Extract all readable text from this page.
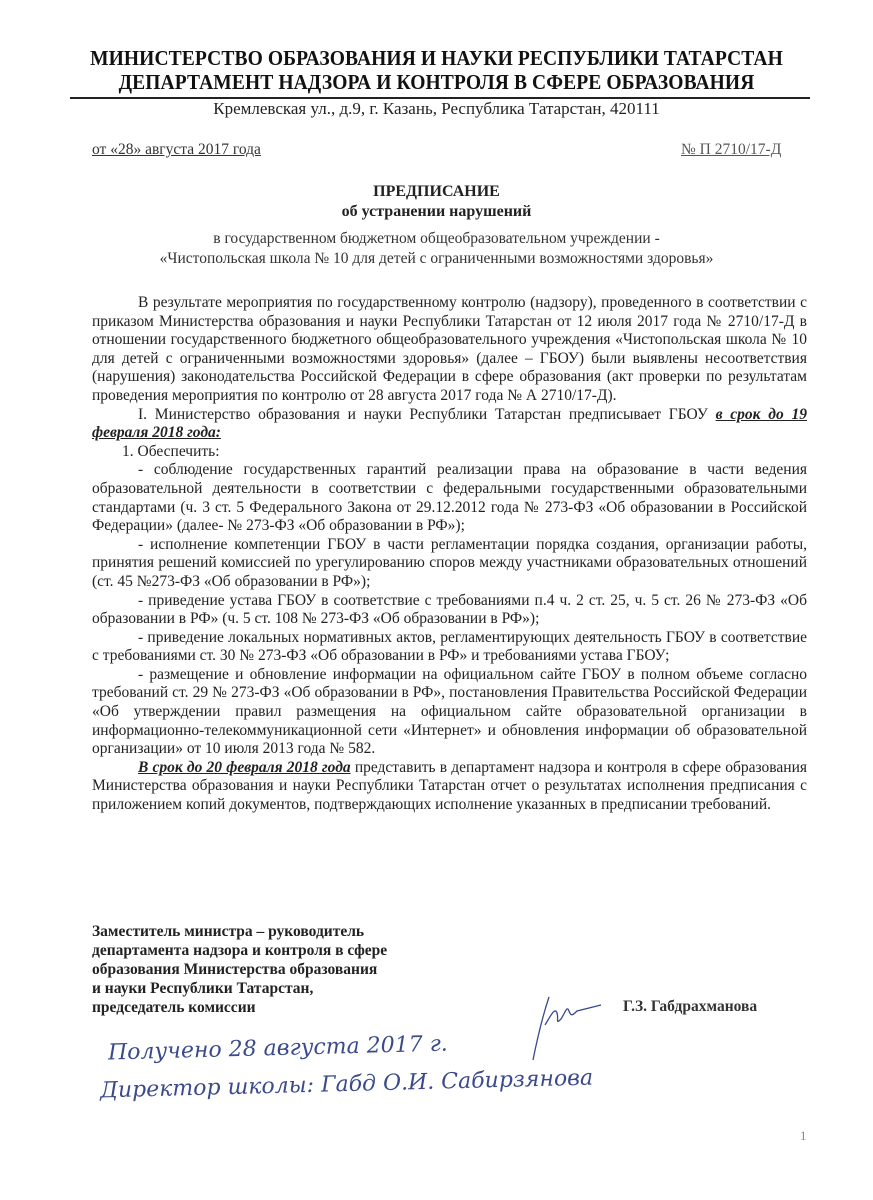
МИНИСТЕРСТВО ОБРАЗОВАНИЯ И НАУКИ РЕСПУБЛИКИ ТАТАРСТАН
ДЕПАРТАМЕНТ НАДЗОРА И КОНТРОЛЯ В СФЕРЕ ОБРАЗОВАНИЯ
Кремлевская ул., д.9, г. Казань, Республика Татарстан, 420111
от «28» августа 2017 года	№ П 2710/17-Д
ПРЕДПИСАНИЕ
об устранении нарушений
в государственном бюджетном общеобразовательном учреждении -
«Чистопольская школа № 10 для детей с ограниченными возможностями здоровья»

В результате мероприятия по государственному контролю (надзору), проведенного в соответствии с приказом Министерства образования и науки Республики Татарстан от 12 июля 2017 года № 2710/17-Д в отношении государственного бюджетного общеобразовательного учреждения «Чистопольская школа № 10 для детей с ограниченными возможностями здоровья» (далее – ГБОУ) были выявлены несоответствия (нарушения) законодательства Российской Федерации в сфере образования (акт проверки по результатам проведения мероприятия по контролю от 28 августа 2017 года № А 2710/17-Д).

I. Министерство образования и науки Республики Татарстан предписывает ГБОУ в срок до 19 февраля 2018 года:

1. Обеспечить:

- соблюдение государственных гарантий реализации права на образование в части ведения образовательной деятельности в соответствии с федеральными государственными образовательными стандартами (ч. 3 ст. 5 Федерального Закона от 29.12.2012 года № 273-ФЗ «Об образовании в Российской Федерации» (далее- № 273-ФЗ «Об образовании в РФ»);

- исполнение компетенции ГБОУ в части регламентации порядка создания, организации работы, принятия решений комиссией по урегулированию споров между участниками образовательных отношений (ст. 45 №273-ФЗ «Об образовании в РФ»);

- приведение устава ГБОУ в соответствие с требованиями п.4 ч. 2 ст. 25, ч. 5 ст. 26 № 273-ФЗ «Об образовании в РФ» (ч. 5 ст. 108 № 273-ФЗ «Об образовании в РФ»);

- приведение локальных нормативных актов, регламентирующих деятельность ГБОУ в соответствие с требованиями ст. 30 № 273-ФЗ «Об образовании в РФ» и требованиями устава ГБОУ;

- размещение и обновление информации на официальном сайте ГБОУ в полном объеме согласно требований ст. 29 № 273-ФЗ «Об образовании в РФ», постановления Правительства Российской Федерации «Об утверждении правил размещения на официальном сайте образовательной организации в информационно-телекоммуникационной сети «Интернет» и обновления информации об образовательной организации» от 10 июля 2013 года № 582.

В срок до 20 февраля 2018 года представить в департамент надзора и контроля в сфере образования Министерства образования и науки Республики Татарстан отчет о результатах исполнения предписания с приложением копий документов, подтверждающих исполнение указанных в предписании требований.

Заместитель министра – руководитель
департамента надзора и контроля в сфере
образования Министерства образования
и науки Республики Татарстан,
председатель комиссии	Г.З. Габдрахманова
Получено 28 августа 2017 г.
Директор школы: Габд О.И. Сабирзянова
1
